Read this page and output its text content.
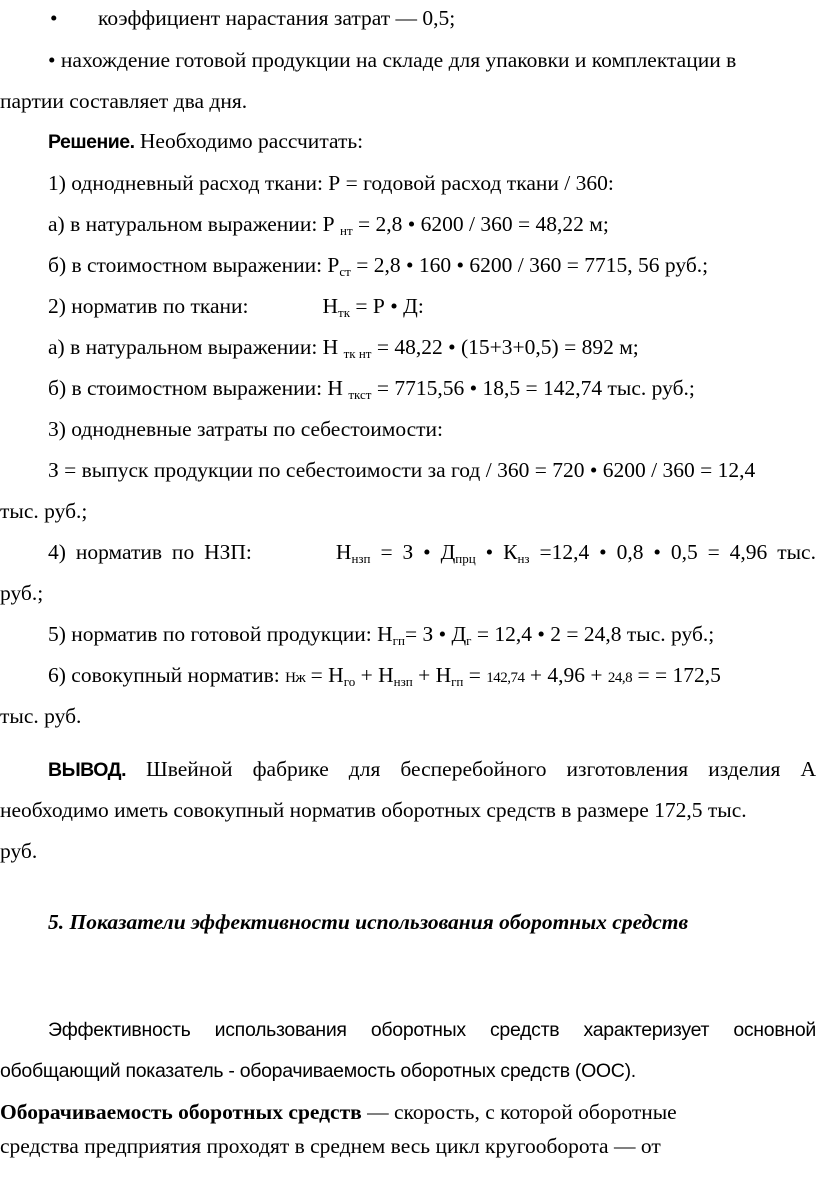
• коэффициент нарастания затрат — 0,5;
• нахождение готовой продукции на складе для упаковки и комплектации в
партии составляет два дня.
Решение. Необходимо рассчитать:
1) однодневный расход ткани: Р = годовой расход ткани / 360:
а) в натуральном выражении: Р $_{нт}$ = 2,8 • 6200 / 360 = 48,22 м;
б) в стоимостном выражении: $Р_{ст} = 2,8$ • 160 • 6200 / 360 = 7715, 56 руб.;
2) норматив по ткани:	$Н_{тк} = Р$ • Д:
а) в натуральном выражении: Н $_{тк нт}$ = 48,22 • (15+3+0,5) = 892 м;
б) в стоимостном выражении: Н $_{ткст}$ = 7715,56 • 18,5 = 142,74 тыс. руб.;
3) однодневные затраты по себестоимости:
З = выпуск продукции по себестоимости за год / 360 = 720 • 6200 / 360 = 12,4
тыс. руб.;
4) норматив по НЗП:	$Н_{нзп} = З$ • $Д_{прц}$ • $К_{нз} =12,4$ • 0,8 • 0,5 = 4,96 тыс.
руб.;
5) норматив по готовой продукции: $Н_{гп}= З$ • $Д_г = 12,4$ • 2 = 24,8 тыс. руб.;
6) совокупный норматив: Нж = $Н_{го} + Н_{нзп} + Н_{гп} = 142,74 + 4,96 + 24,8$ = = 172,5
тыс. руб.
ВЫВОД. Швейной фабрике для бесперебойного изготовления изделия А
необходимо иметь совокупный норматив оборотных средств в размере 172,5 тыс.
руб.
5. Показатели эффективности использования оборотных средств
Эффективность использования оборотных средств характеризует основной
обобщающий показатель - оборачиваемость оборотных средств (ООС).
Оборачиваемость оборотных средств — скорость, с которой оборотные
средства предприятия проходят в среднем весь цикл кругооборота — от
